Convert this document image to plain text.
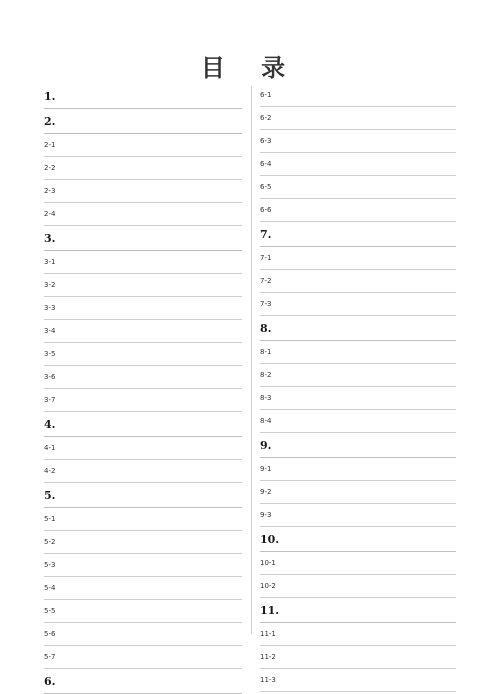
目 录
1.
2.
2-1
2-2
2-3
2-4
3.
3-1
3-2
3-3
3-4
3-5
3-6
3-7
4.
4-1
4-2
5.
5-1
5-2
5-3
5-4
5-5
5-6
5-7
6.
6-1
6-2
6-3
6-4
6-5
6-6
7.
7-1
7-2
7-3
8.
8-1
8-2
8-3
8-4
9.
9-1
9-2
9-3
10.
10-1
10-2
11.
11-1
11-2
11-3
